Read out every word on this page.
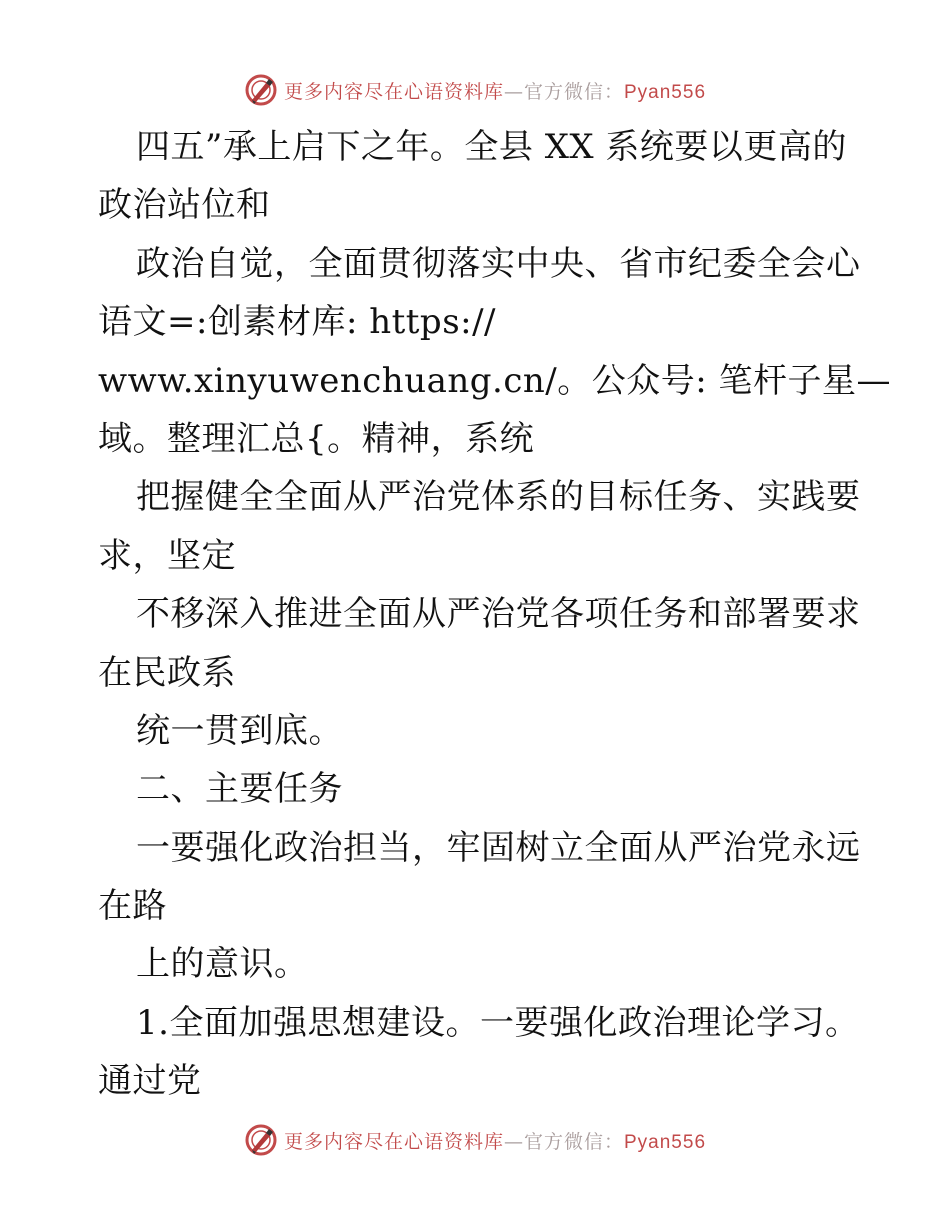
更多内容尽在心语资料库—官方微信：Pyan556
四五”承上启下之年。全县 XX 系统要以更高的
政治站位和
政治自觉，全面贯彻落实中央、省市纪委全会心
语文=:创素材库: https://
www.xinyuwenchuang.cn/。公众号: 笔杆子星—
域。整理汇总{。精神，系统
把握健全全面从严治党体系的目标任务、实践要
求，坚定
不移深入推进全面从严治党各项任务和部署要求
在民政系
统一贯到底。
二、主要任务
一要强化政治担当，牢固树立全面从严治党永远
在路
上的意识。
1.全面加强思想建设。一要强化政治理论学习。
通过党
更多内容尽在心语资料库—官方微信：Pyan556
